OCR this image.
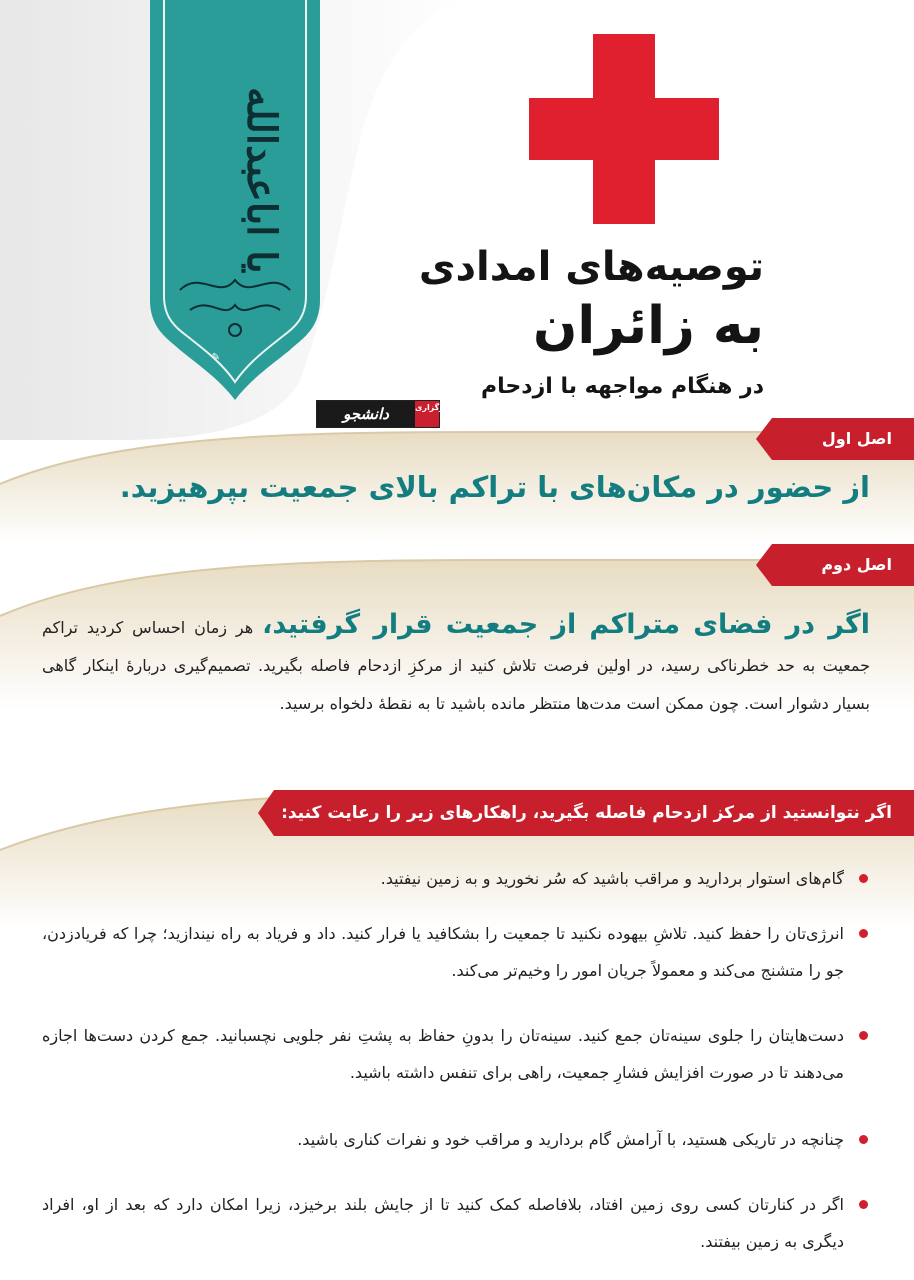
✎
یا اباعبدالله	توصیه‌های امدادی
به زائران
در هنگام مواجهه با ازدحام
دانشجو	خبرگزاری
اصل اول
از حضور در مکان‌های با تراکم بالای جمعیت بپرهیزید.
اصل دوم
اگر در فضای متراکم از جمعیت قرار گرفتید، هر زمان احساس کردید تراکم جمعیت به حد خطرناکی رسید، در اولین فرصت تلاش کنید از مرکزِ ازدحام فاصله بگیرید. تصمیم‌گیری دربارهٔ اینکار گاهی بسیار دشوار است. چون ممکن است مدت‌ها منتظر مانده باشید تا به نقطهٔ دلخواه برسید.
اگر نتوانستید از مرکز ازدحام فاصله بگیرید، راهکارهای زیر را رعایت کنید:
گام‌های استوار بردارید و مراقب باشید که سُر نخورید و به زمین نیفتید.
انرژی‌تان را حفظ کنید. تلاشِ بیهوده نکنید تا جمعیت را بشکافید یا فرار کنید. داد و فریاد به راه نیندازید؛ چرا که فریادزدن، جو را متشنج می‌کند و معمولاً جریان امور را وخیم‌تر می‌کند.
دست‌هایتان را جلوی سینه‌تان جمع کنید. سینه‌تان را بدونِ حفاظ به پشتِ نفر جلویی نچسبانید. جمع کردن دست‌ها اجازه می‌دهند تا در صورت افزایش فشارِ جمعیت، راهی برای تنفس داشته باشید.
چنانچه در تاریکی هستید، با آرامش گام بردارید و مراقب خود و نفرات کناری باشید.
اگر در کنارتان کسی روی زمین افتاد، بلافاصله کمک کنید تا از جایش بلند برخیزد، زیرا امکان دارد که بعد از او، افراد دیگری به زمین بیفتند.
